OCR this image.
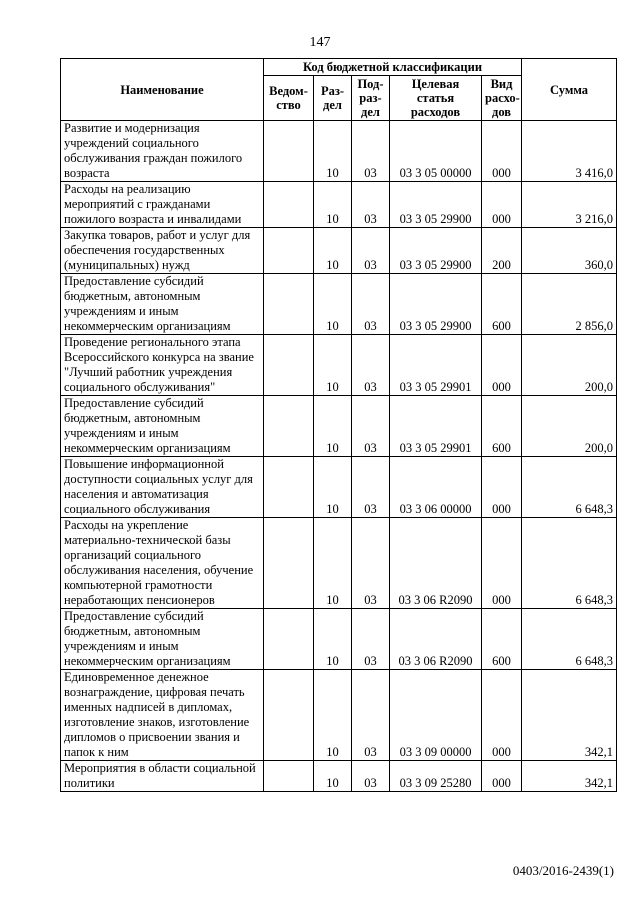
147
Наименование	Код бюджетной классификации					Сумма
	Ведом-ство	Раз-дел	Под-раз-дел	Целевая статья расходов	Вид расхо-дов	
Развитие и модернизация учреждений социального обслуживания граждан пожилого возраста		10	03	03 3 05 00000	000	3 416,0
Расходы на реализацию мероприятий с гражданами пожилого возраста и инвалидами		10	03	03 3 05 29900	000	3 216,0
Закупка товаров, работ и услуг для обеспечения государственных (муниципальных) нужд		10	03	03 3 05 29900	200	360,0
Предоставление субсидий бюджетным, автономным учреждениям и иным некоммерческим организациям		10	03	03 3 05 29900	600	2 856,0
Проведение регионального этапа Всероссийского конкурса на звание "Лучший работник учреждения социального обслуживания"		10	03	03 3 05 29901	000	200,0
Предоставление субсидий бюджетным, автономным учреждениям и иным некоммерческим организациям		10	03	03 3 05 29901	600	200,0
Повышение информационной доступности социальных услуг для населения и автоматизация социального обслуживания		10	03	03 3 06 00000	000	6 648,3
Расходы на укрепление материально-технической базы организаций социального обслуживания населения, обучение компьютерной грамотности неработающих пенсионеров		10	03	03 3 06 R2090	000	6 648,3
Предоставление субсидий бюджетным, автономным учреждениям и иным некоммерческим организациям		10	03	03 3 06 R2090	600	6 648,3
Единовременное денежное вознаграждение, цифровая печать именных надписей в дипломах, изготовление знаков, изготовление дипломов о присвоении звания и папок к ним		10	03	03 3 09 00000	000	342,1
Мероприятия в области социальной политики		10	03	03 3 09 25280	000	342,1
0403/2016-2439(1)
